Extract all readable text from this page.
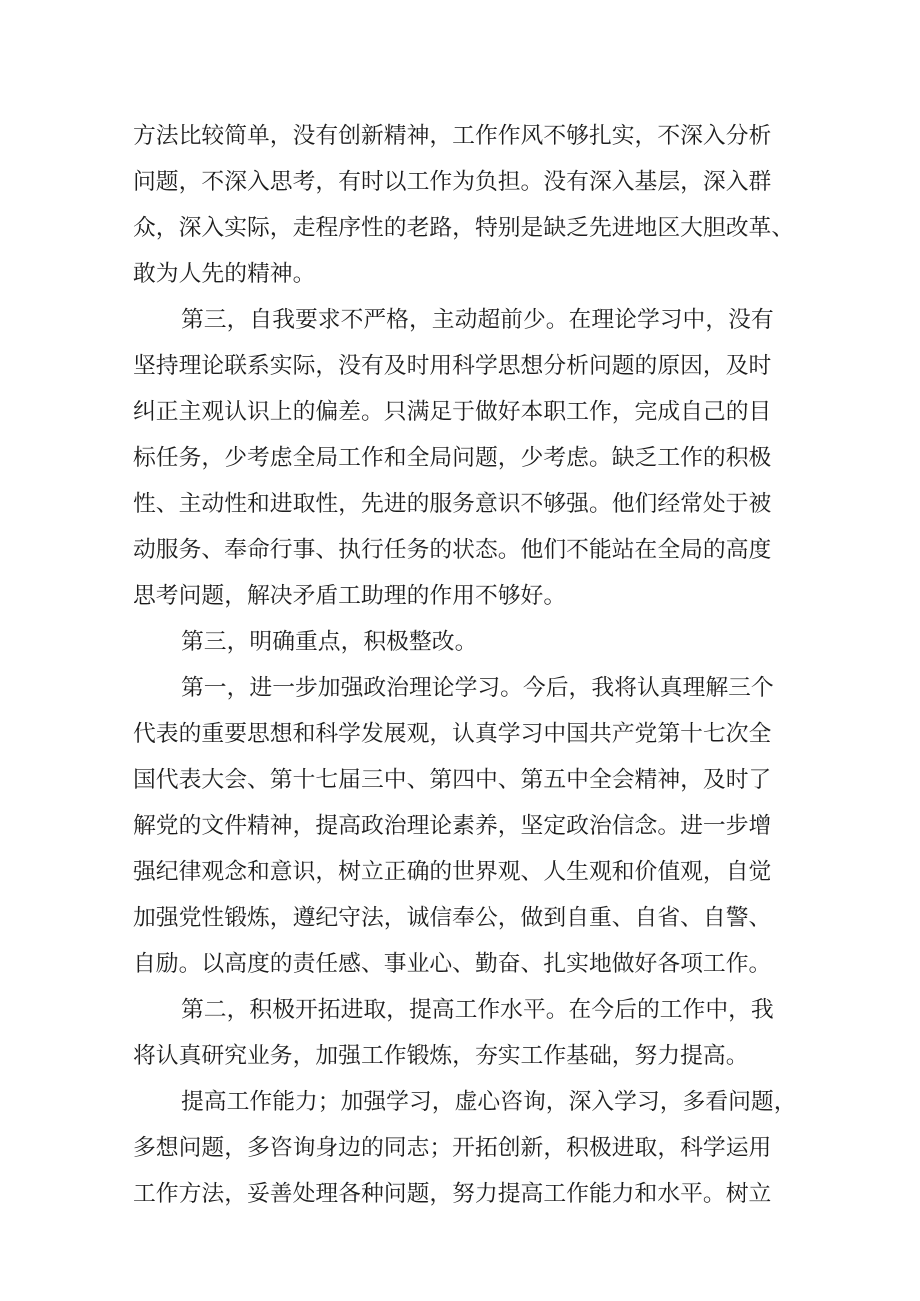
方法比较简单，没有创新精神，工作作风不够扎实，不深入分析
问题，不深入思考，有时以工作为负担。没有深入基层，深入群
众，深入实际，走程序性的老路，特别是缺乏先进地区大胆改革、
敢为人先的精神。
第三，自我要求不严格，主动超前少。在理论学习中，没有
坚持理论联系实际，没有及时用科学思想分析问题的原因，及时
纠正主观认识上的偏差。只满足于做好本职工作，完成自己的目
标任务，少考虑全局工作和全局问题，少考虑。缺乏工作的积极
性、主动性和进取性，先进的服务意识不够强。他们经常处于被
动服务、奉命行事、执行任务的状态。他们不能站在全局的高度
思考问题，解决矛盾工助理的作用不够好。
第三，明确重点，积极整改。
第一，进一步加强政治理论学习。今后，我将认真理解三个
代表的重要思想和科学发展观，认真学习中国共产党第十七次全
国代表大会、第十七届三中、第四中、第五中全会精神，及时了
解党的文件精神，提高政治理论素养，坚定政治信念。进一步增
强纪律观念和意识，树立正确的世界观、人生观和价值观，自觉
加强党性锻炼，遵纪守法，诚信奉公，做到自重、自省、自警、
自励。以高度的责任感、事业心、勤奋、扎实地做好各项工作。
第二，积极开拓进取，提高工作水平。在今后的工作中，我
将认真研究业务，加强工作锻炼，夯实工作基础，努力提高。
提高工作能力；加强学习，虚心咨询，深入学习，多看问题，
多想问题，多咨询身边的同志；开拓创新，积极进取，科学运用
工作方法，妥善处理各种问题，努力提高工作能力和水平。树立
